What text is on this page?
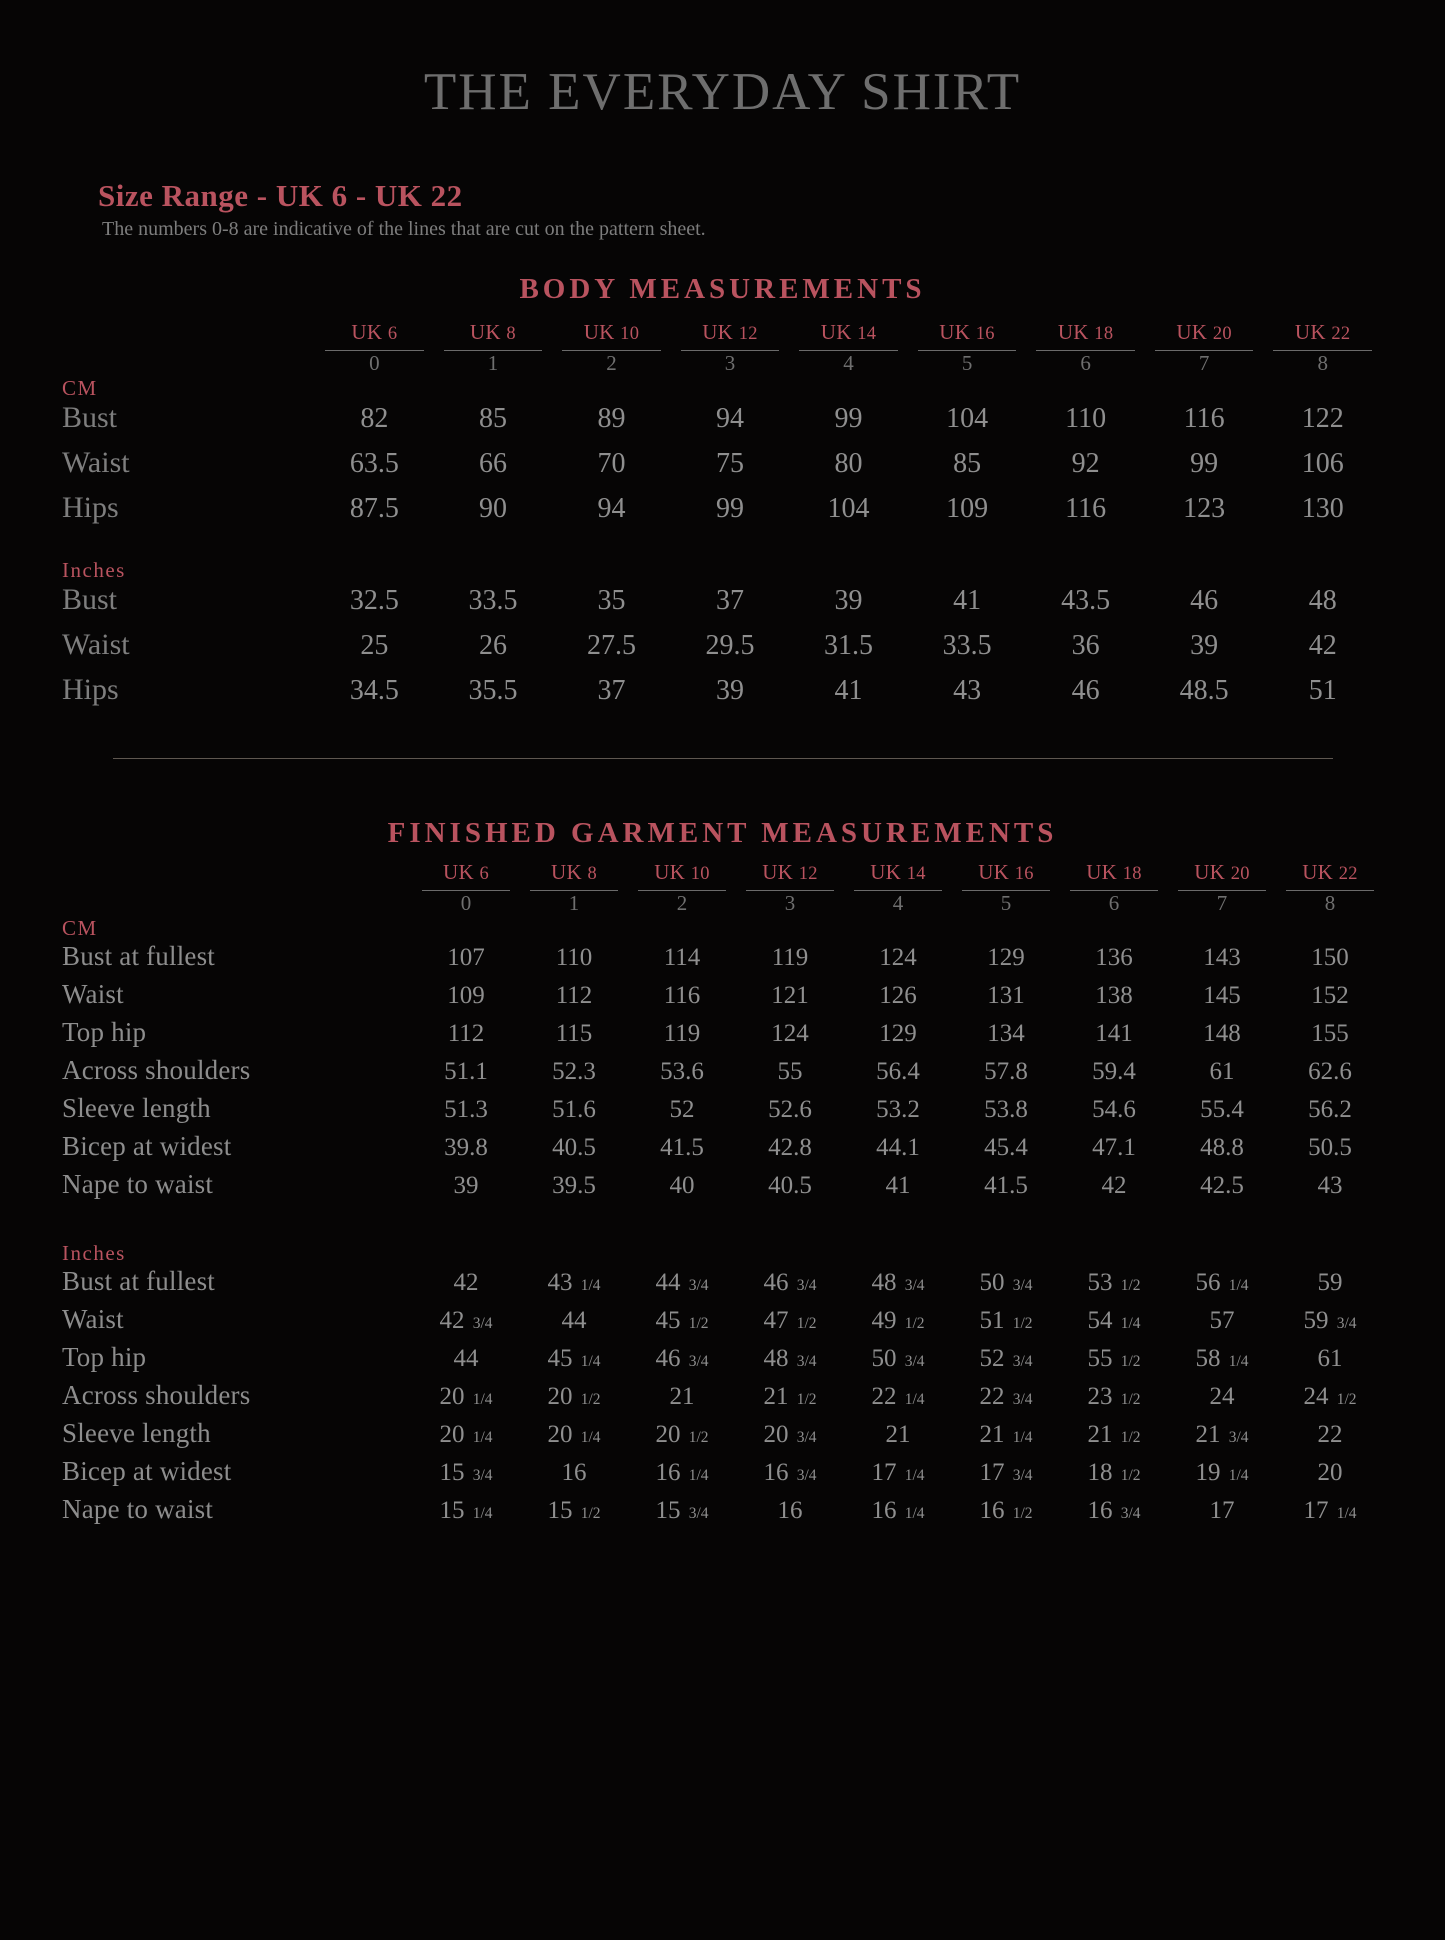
THE EVERYDAY SHIRT
Size Range - UK 6 - UK 22
The numbers 0-8 are indicative of the lines that are cut on the pattern sheet.
BODY MEASUREMENTS
	UK 6	UK 8	UK 10	UK 12	UK 14	UK 16	UK 18	UK 20	UK 22

	0	1	2	3	4	5	6	7	8
CM									
Bust	82	85	89	94	99	104	110	116	122
Waist	63.5	66	70	75	80	85	92	99	106
Hips	87.5	90	94	99	104	109	116	123	130

Inches									
Bust	32.5	33.5	35	37	39	41	43.5	46	48
Waist	25	26	27.5	29.5	31.5	33.5	36	39	42
Hips	34.5	35.5	37	39	41	43	46	48.5	51
FINISHED GARMENT MEASUREMENTS
	UK 6	UK 8	UK 10	UK 12	UK 14	UK 16	UK 18	UK 20	UK 22

	0	1	2	3	4	5	6	7	8
CM									
Bust at fullest	107	110	114	119	124	129	136	143	150
Waist	109	112	116	121	126	131	138	145	152
Top hip	112	115	119	124	129	134	141	148	155
Across shoulders	51.1	52.3	53.6	55	56.4	57.8	59.4	61	62.6
Sleeve length	51.3	51.6	52	52.6	53.2	53.8	54.6	55.4	56.2
Bicep at widest	39.8	40.5	41.5	42.8	44.1	45.4	47.1	48.8	50.5
Nape to waist	39	39.5	40	40.5	41	41.5	42	42.5	43

Inches									
Bust at fullest	42	43 1/4	44 3/4	46 3/4	48 3/4	50 3/4	53 1/2	56 1/4	59
Waist	42 3/4	44	45 1/2	47 1/2	49 1/2	51 1/2	54 1/4	57	59 3/4
Top hip	44	45 1/4	46 3/4	48 3/4	50 3/4	52 3/4	55 1/2	58 1/4	61
Across shoulders	20 1/4	20 1/2	21	21 1/2	22 1/4	22 3/4	23 1/2	24	24 1/2
Sleeve length	20 1/4	20 1/4	20 1/2	20 3/4	21	21 1/4	21 1/2	21 3/4	22
Bicep at widest	15 3/4	16	16 1/4	16 3/4	17 1/4	17 3/4	18 1/2	19 1/4	20
Nape to waist	15 1/4	15 1/2	15 3/4	16	16 1/4	16 1/2	16 3/4	17	17 1/4
